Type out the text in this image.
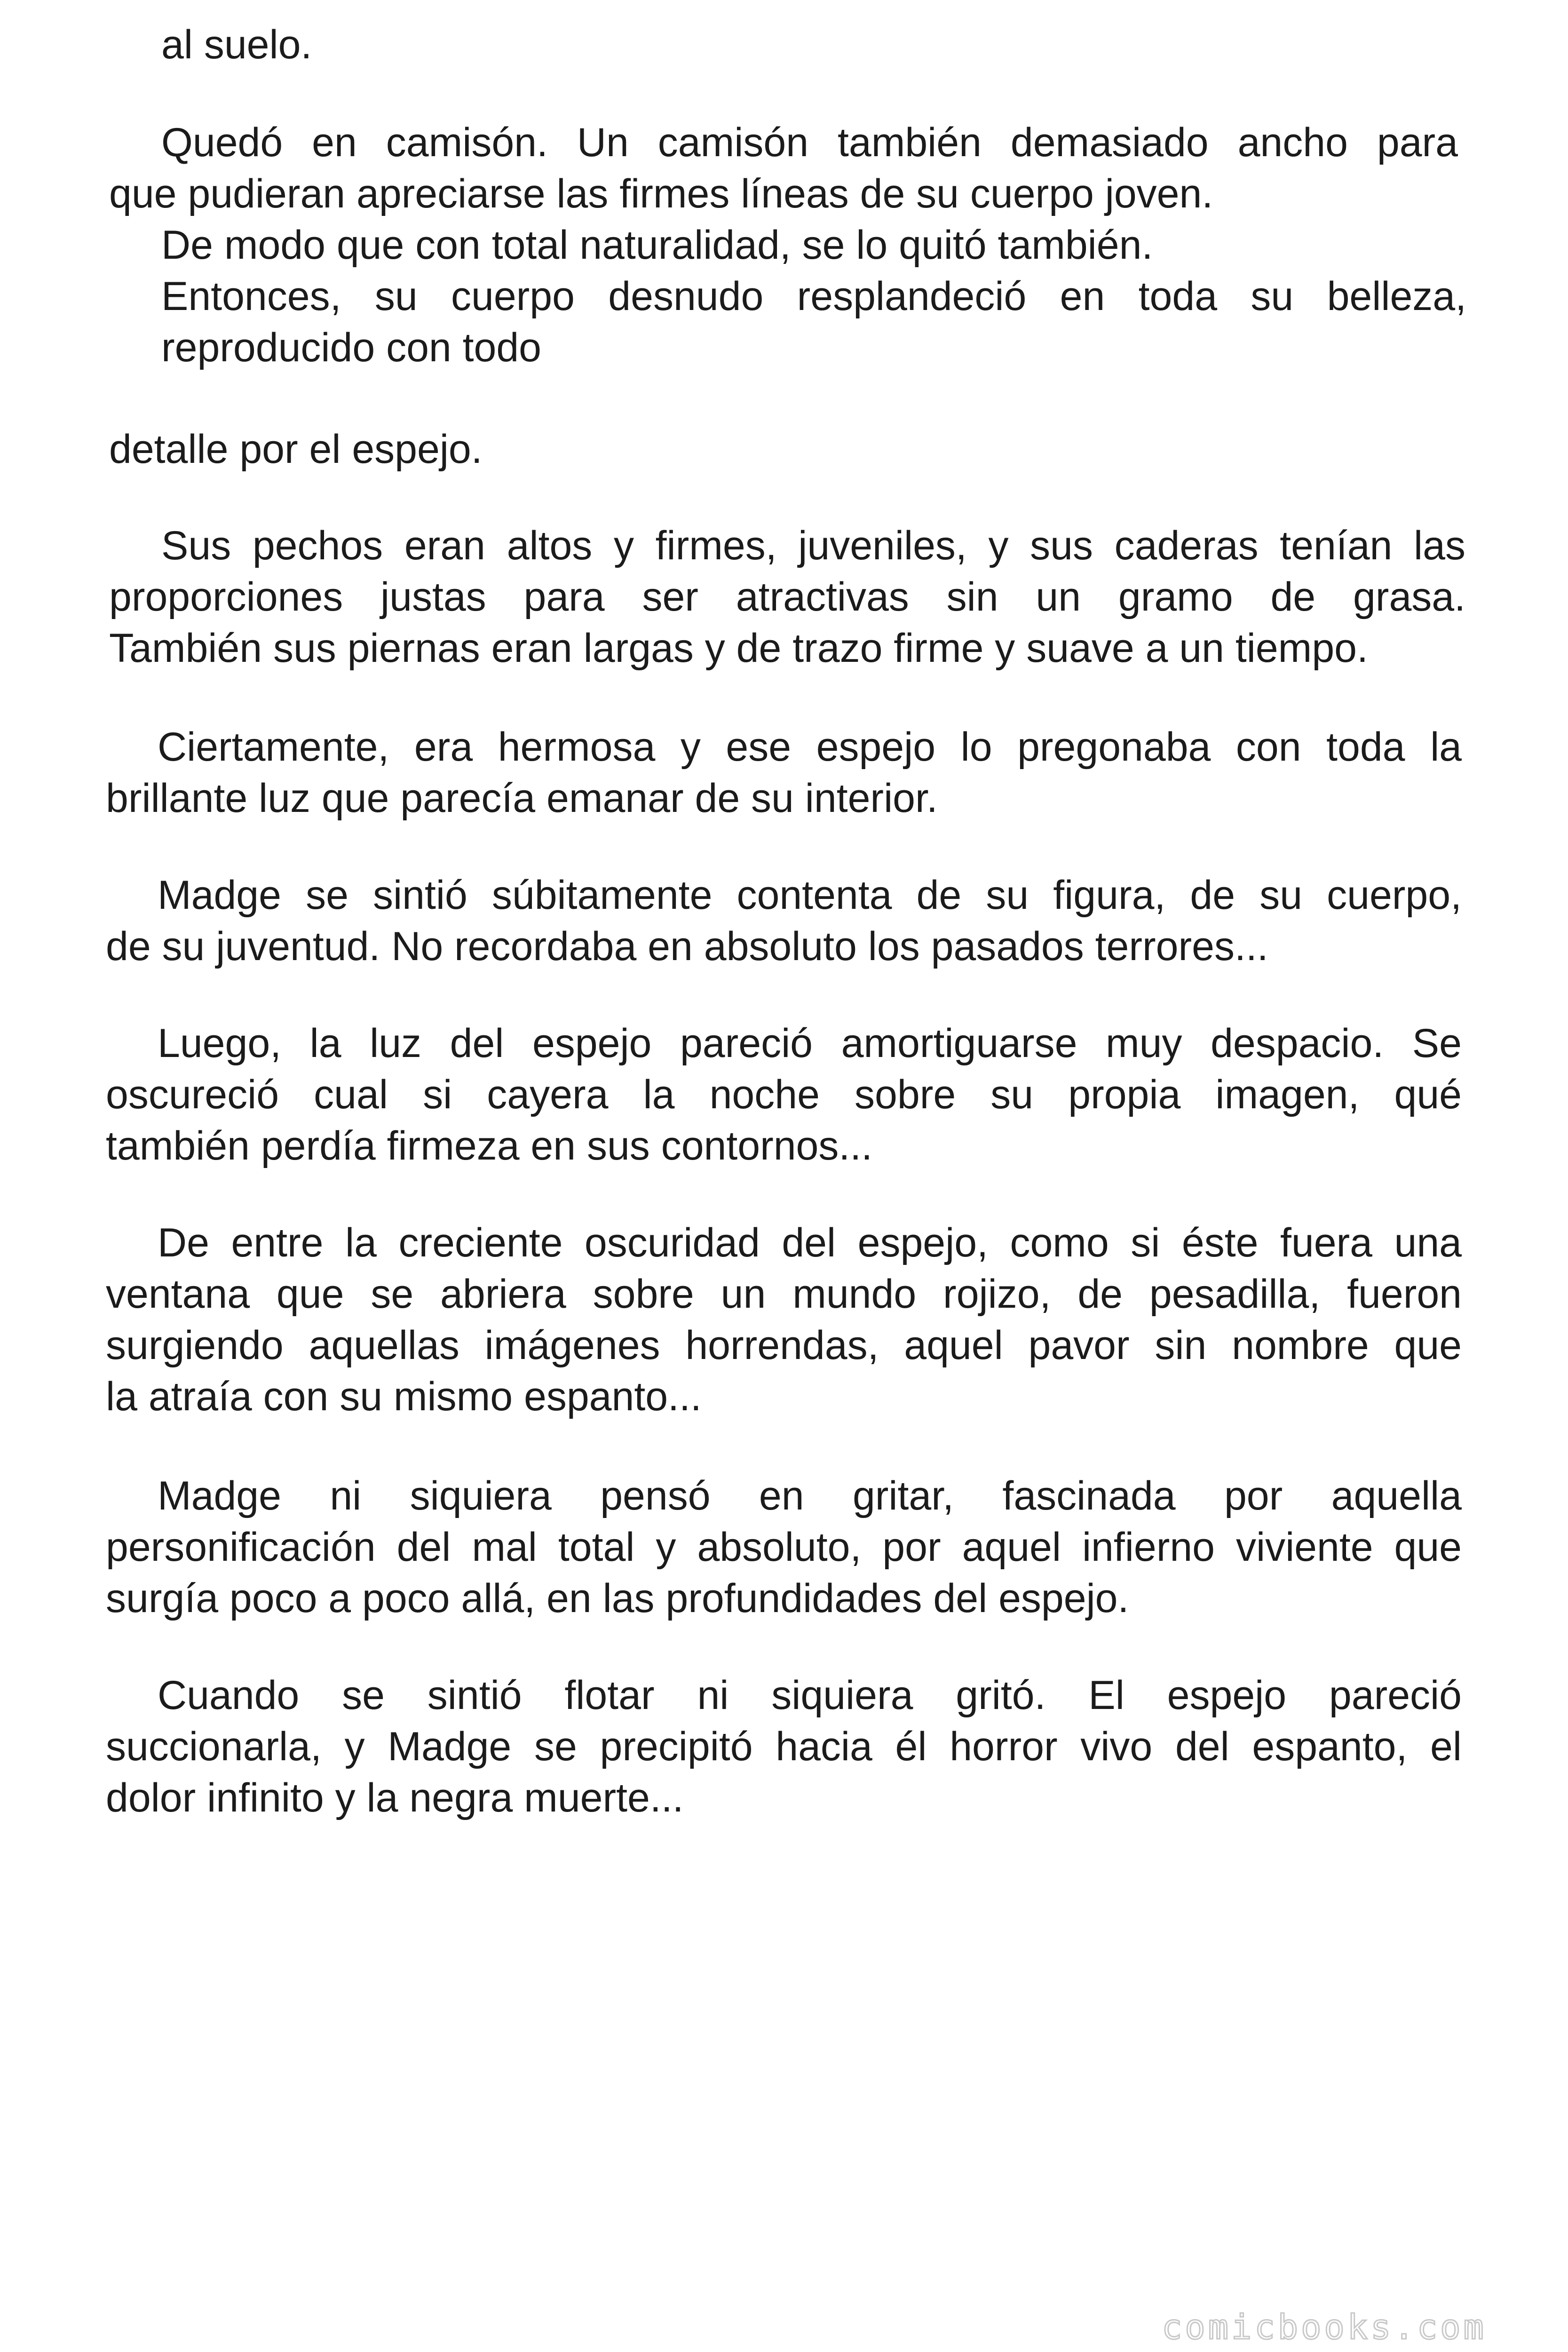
al suelo.
Quedó en camisón. Un camisón también demasiado ancho para
que pudieran apreciarse las firmes líneas de su cuerpo joven.
De modo que con total naturalidad, se lo quitó también.
Entonces, su cuerpo desnudo resplandeció en toda su belleza,
reproducido con todo
detalle por el espejo.
Sus pechos eran altos y firmes, juveniles, y sus caderas tenían las
proporciones justas para ser atractivas sin un gramo de grasa.
También sus piernas eran largas y de trazo firme y suave a un tiempo.
Ciertamente, era hermosa y ese espejo lo pregonaba con toda la
brillante luz que parecía emanar de su interior.
Madge se sintió súbitamente contenta de su figura, de su cuerpo,
de su juventud. No recordaba en absoluto los pasados terrores...
Luego, la luz del espejo pareció amortiguarse muy despacio. Se
oscureció cual si cayera la noche sobre su propia imagen, qué
también perdía firmeza en sus contornos...
De entre la creciente oscuridad del espejo, como si éste fuera una
ventana que se abriera sobre un mundo rojizo, de pesadilla, fueron
surgiendo aquellas imágenes horrendas, aquel pavor sin nombre que
la atraía con su mismo espanto...
Madge ni siquiera pensó en gritar, fascinada por aquella
personificación del mal total y absoluto, por aquel infierno viviente que
surgía poco a poco allá, en las profundidades del espejo.
Cuando se sintió flotar ni siquiera gritó. El espejo pareció
succionarla, y Madge se precipitó hacia él horror vivo del espanto, el
dolor infinito y la negra muerte...
comicbooks.com
